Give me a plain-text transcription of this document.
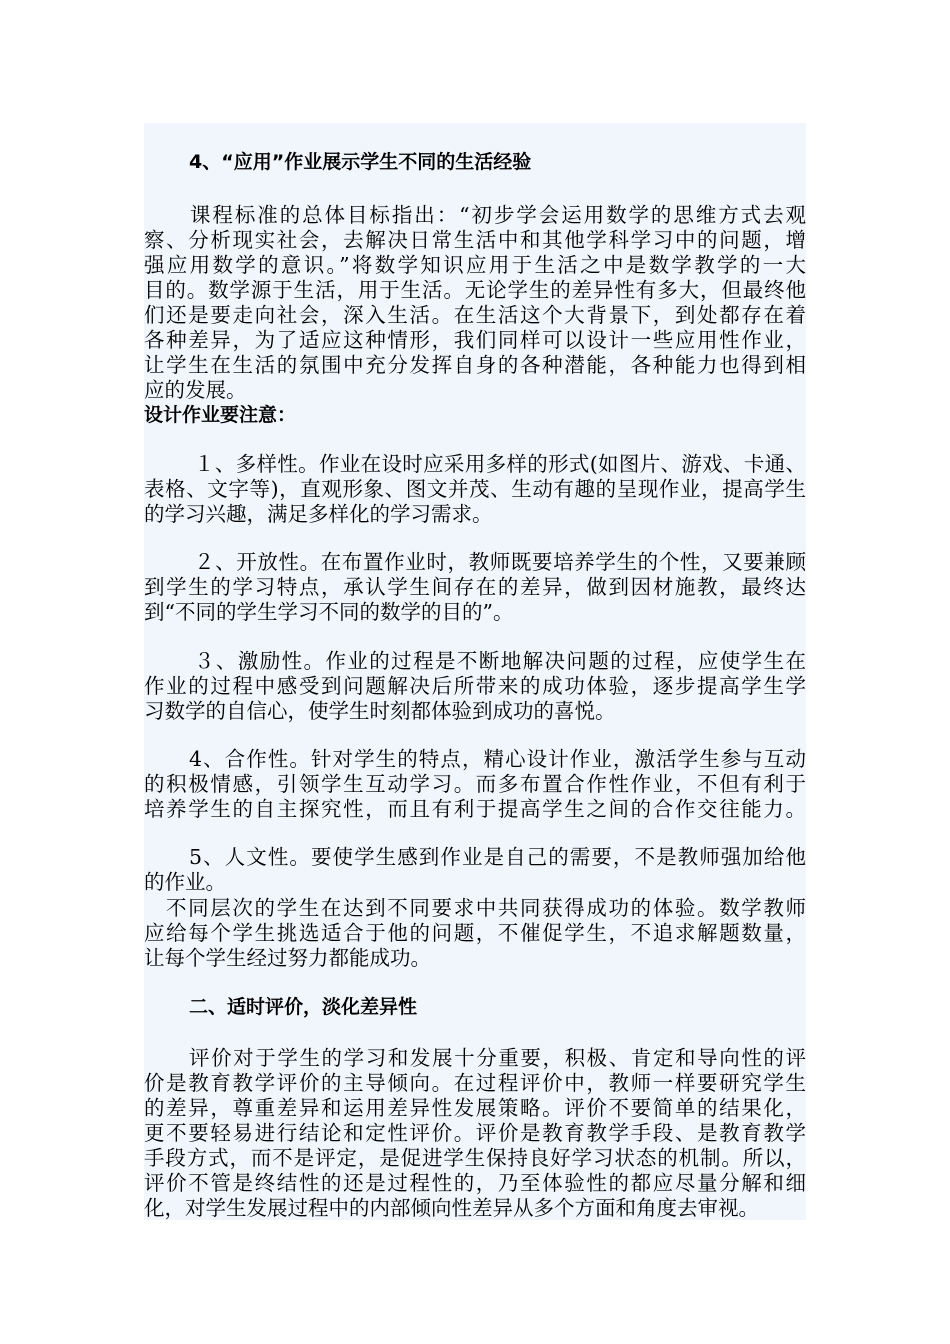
4、“应用”作业展示学生不同的生活经验
课程标准的总体目标指出：“初步学会运用数学的思维方式去观
察、分析现实社会，去解决日常生活中和其他学科学习中的问题，增
强应用数学的意识。”将数学知识应用于生活之中是数学教学的一大
目的。数学源于生活，用于生活。无论学生的差异性有多大，但最终他
们还是要走向社会，深入生活。在生活这个大背景下，到处都存在着
各种差异，为了适应这种情形，我们同样可以设计一些应用性作业，
让学生在生活的氛围中充分发挥自身的各种潜能，各种能力也得到相
应的发展。
设计作业要注意：
１、多样性。作业在设时应采用多样的形式(如图片、游戏、卡通、
表格、文字等)，直观形象、图文并茂、生动有趣的呈现作业，提高学生
的学习兴趣，满足多样化的学习需求。
２、开放性。在布置作业时，教师既要培养学生的个性，又要兼顾
到学生的学习特点，承认学生间存在的差异，做到因材施教，最终达
到“不同的学生学习不同的数学的目的”。
３、激励性。作业的过程是不断地解决问题的过程，应使学生在
作业的过程中感受到问题解决后所带来的成功体验，逐步提高学生学
习数学的自信心，使学生时刻都体验到成功的喜悦。
4、合作性。针对学生的特点，精心设计作业，激活学生参与互动
的积极情感，引领学生互动学习。而多布置合作性作业，不但有利于
培养学生的自主探究性，而且有利于提高学生之间的合作交往能力。
5、人文性。要使学生感到作业是自己的需要，不是教师强加给他
的作业。
不同层次的学生在达到不同要求中共同获得成功的体验。数学教师
应给每个学生挑选适合于他的问题，不催促学生，不追求解题数量，
让每个学生经过努力都能成功。
二、适时评价，淡化差异性
评价对于学生的学习和发展十分重要，积极、肯定和导向性的评
价是教育教学评价的主导倾向。在过程评价中，教师一样要研究学生
的差异，尊重差异和运用差异性发展策略。评价不要简单的结果化，
更不要轻易进行结论和定性评价。评价是教育教学手段、是教育教学
手段方式，而不是评定，是促进学生保持良好学习状态的机制。所以，
评价不管是终结性的还是过程性的，乃至体验性的都应尽量分解和细
化，对学生发展过程中的内部倾向性差异从多个方面和角度去审视。
